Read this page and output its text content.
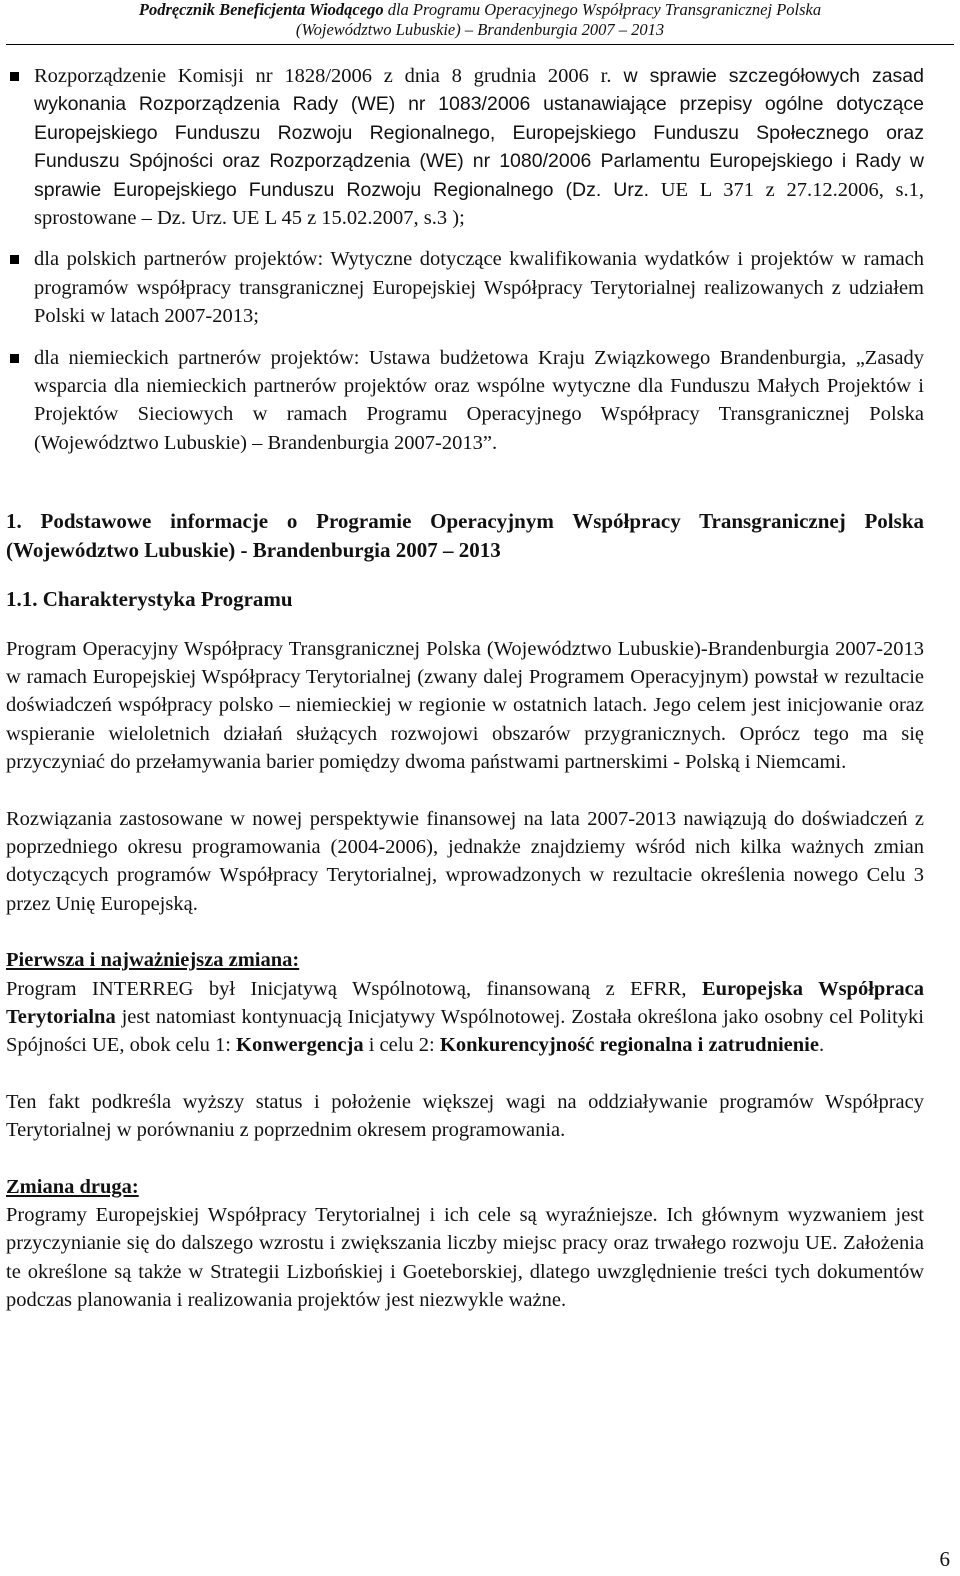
Podręcznik Beneficjenta Wiodącego dla Programu Operacyjnego Współpracy Transgranicznej Polska
(Województwo Lubuskie) – Brandenburgia 2007 – 2013
Rozporządzenie Komisji nr 1828/2006 z dnia 8 grudnia 2006 r. w sprawie szczegółowych zasad wykonania Rozporządzenia Rady (WE) nr 1083/2006 ustanawiające przepisy ogólne dotyczące Europejskiego Funduszu Rozwoju Regionalnego, Europejskiego Funduszu Społecznego oraz Funduszu Spójności oraz Rozporządzenia (WE) nr 1080/2006 Parlamentu Europejskiego i Rady w sprawie Europejskiego Funduszu Rozwoju Regionalnego (Dz. Urz. UE L 371 z 27.12.2006, s.1, sprostowane – Dz. Urz. UE L 45 z 15.02.2007, s.3 );
dla polskich partnerów projektów: Wytyczne dotyczące kwalifikowania wydatków i projektów w ramach programów współpracy transgranicznej Europejskiej Współpracy Terytorialnej realizowanych z udziałem Polski w latach 2007-2013;
dla niemieckich partnerów projektów: Ustawa budżetowa Kraju Związkowego Brandenburgia, „Zasady wsparcia dla niemieckich partnerów projektów oraz wspólne wytyczne dla Funduszu Małych Projektów i Projektów Sieciowych w ramach Programu Operacyjnego Współpracy Transgranicznej Polska (Województwo Lubuskie) – Brandenburgia 2007-2013”.
1. Podstawowe informacje o Programie Operacyjnym Współpracy Transgranicznej Polska (Województwo Lubuskie) - Brandenburgia 2007 – 2013
1.1. Charakterystyka Programu

Program Operacyjny Współpracy Transgranicznej Polska (Województwo Lubuskie)-Brandenburgia 2007-2013 w ramach Europejskiej Współpracy Terytorialnej (zwany dalej Programem Operacyjnym) powstał w rezultacie doświadczeń współpracy polsko – niemieckiej w regionie w ostatnich latach. Jego celem jest inicjowanie oraz wspieranie wieloletnich działań służących rozwojowi obszarów przygranicznych. Oprócz tego ma się przyczyniać do przełamywania barier pomiędzy dwoma państwami partnerskimi - Polską i Niemcami.

Rozwiązania zastosowane w nowej perspektywie finansowej na lata 2007-2013 nawiązują do doświadczeń z poprzedniego okresu programowania (2004-2006), jednakże znajdziemy wśród nich kilka ważnych zmian dotyczących programów Współpracy Terytorialnej, wprowadzonych w rezultacie określenia nowego Celu 3 przez Unię Europejską.

Pierwsza i najważniejsza zmiana:

Program INTERREG był Inicjatywą Wspólnotową, finansowaną z EFRR, Europejska Współpraca Terytorialna jest natomiast kontynuacją Inicjatywy Wspólnotowej. Została określona jako osobny cel Polityki Spójności UE, obok celu 1: Konwergencja i celu 2: Konkurencyjność regionalna i zatrudnienie.

Ten fakt podkreśla wyższy status i położenie większej wagi na oddziaływanie programów Współpracy Terytorialnej w porównaniu z poprzednim okresem programowania.

Zmiana druga:

Programy Europejskiej Współpracy Terytorialnej i ich cele są wyraźniejsze. Ich głównym wyzwaniem jest przyczynianie się do dalszego wzrostu i zwiększania liczby miejsc pracy oraz trwałego rozwoju UE. Założenia te określone są także w Strategii Lizbońskiej i Goeteborskiej, dlatego uwzględnienie treści tych dokumentów podczas planowania i realizowania projektów jest niezwykle ważne.

6
